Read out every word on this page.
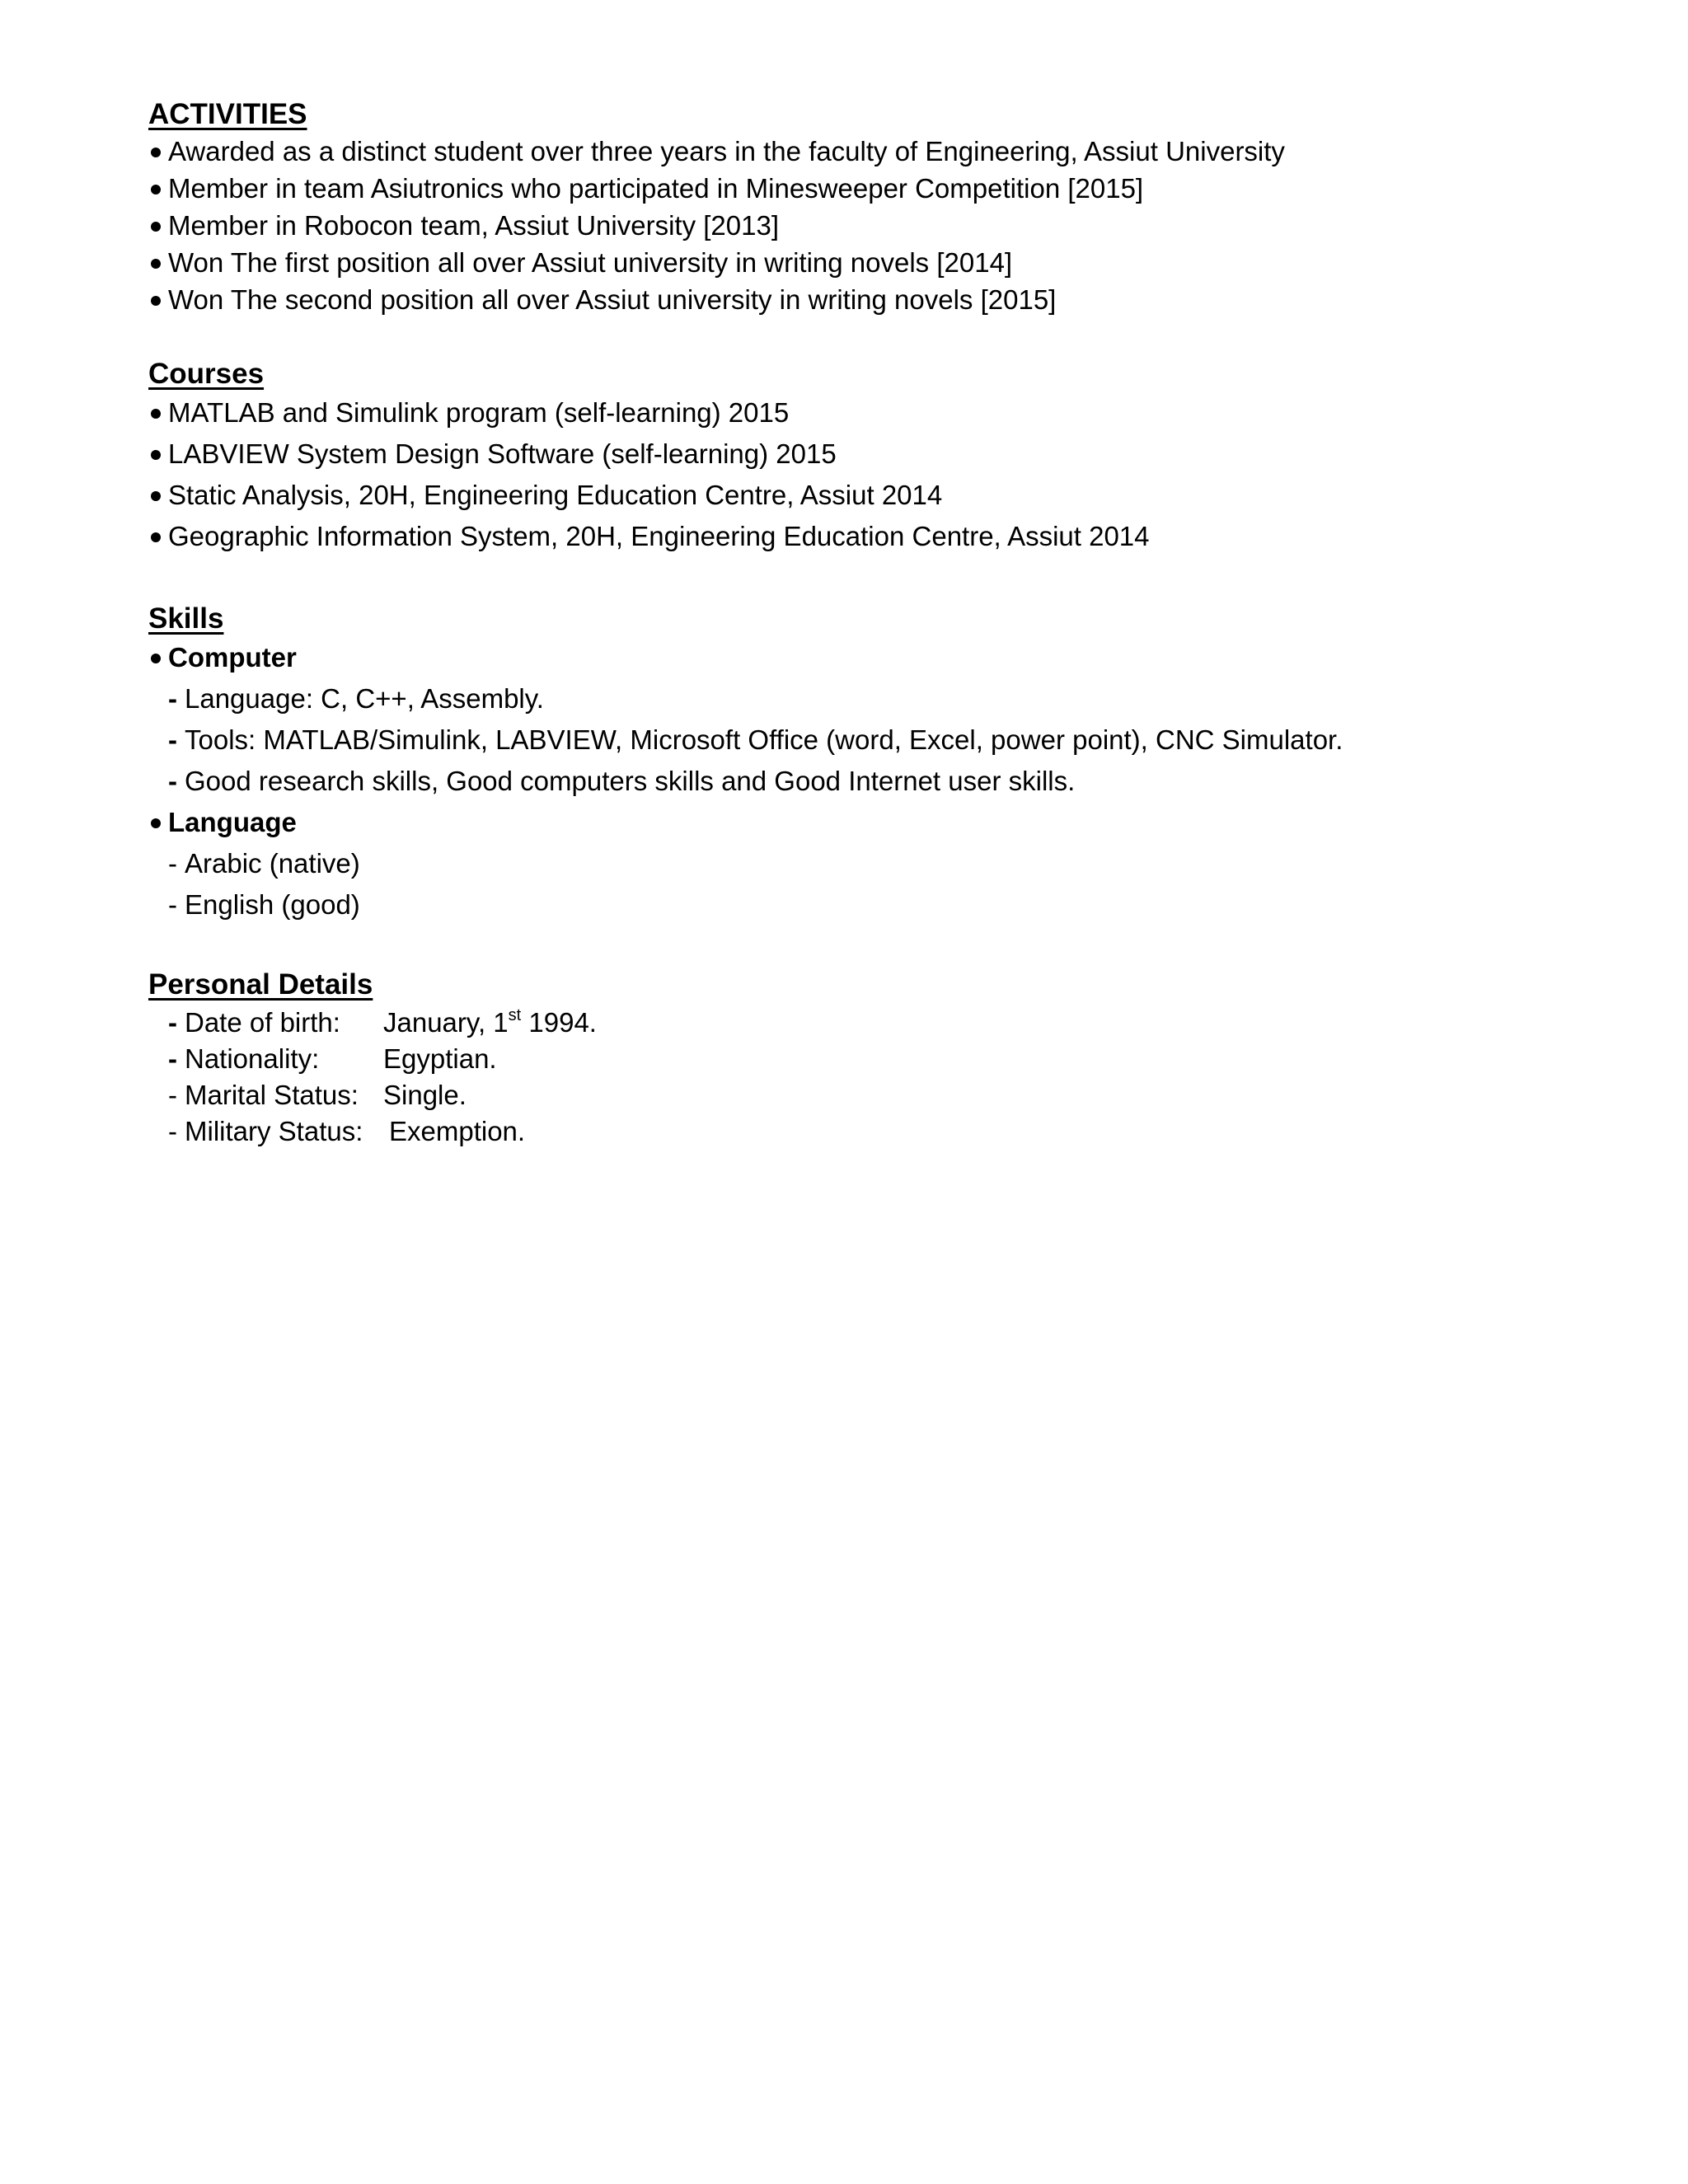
ACTIVITIES
Awarded as a distinct student over three years in the faculty of Engineering, Assiut University
Member in team Asiutronics who participated in Minesweeper Competition [2015]
Member in Robocon team, Assiut University [2013]
Won The first position all over Assiut university in writing novels [2014]
Won The second position all over Assiut university in writing novels [2015]
Courses
MATLAB and Simulink program (self-learning) 2015
LABVIEW System Design Software (self-learning) 2015
Static Analysis, 20H, Engineering Education Centre, Assiut 2014
Geographic Information System, 20H, Engineering Education Centre, Assiut 2014
Skills
Computer
- Language: C, C++, Assembly.
- Tools: MATLAB/Simulink, LABVIEW, Microsoft Office (word, Excel, power point), CNC Simulator.
- Good research skills, Good computers skills and Good Internet user skills.
Language
- Arabic (native)
- English (good)
Personal Details
- Date of birth: January, 1st 1994.
- Nationality: Egyptian.
- Marital Status: Single.
- Military Status: Exemption.
